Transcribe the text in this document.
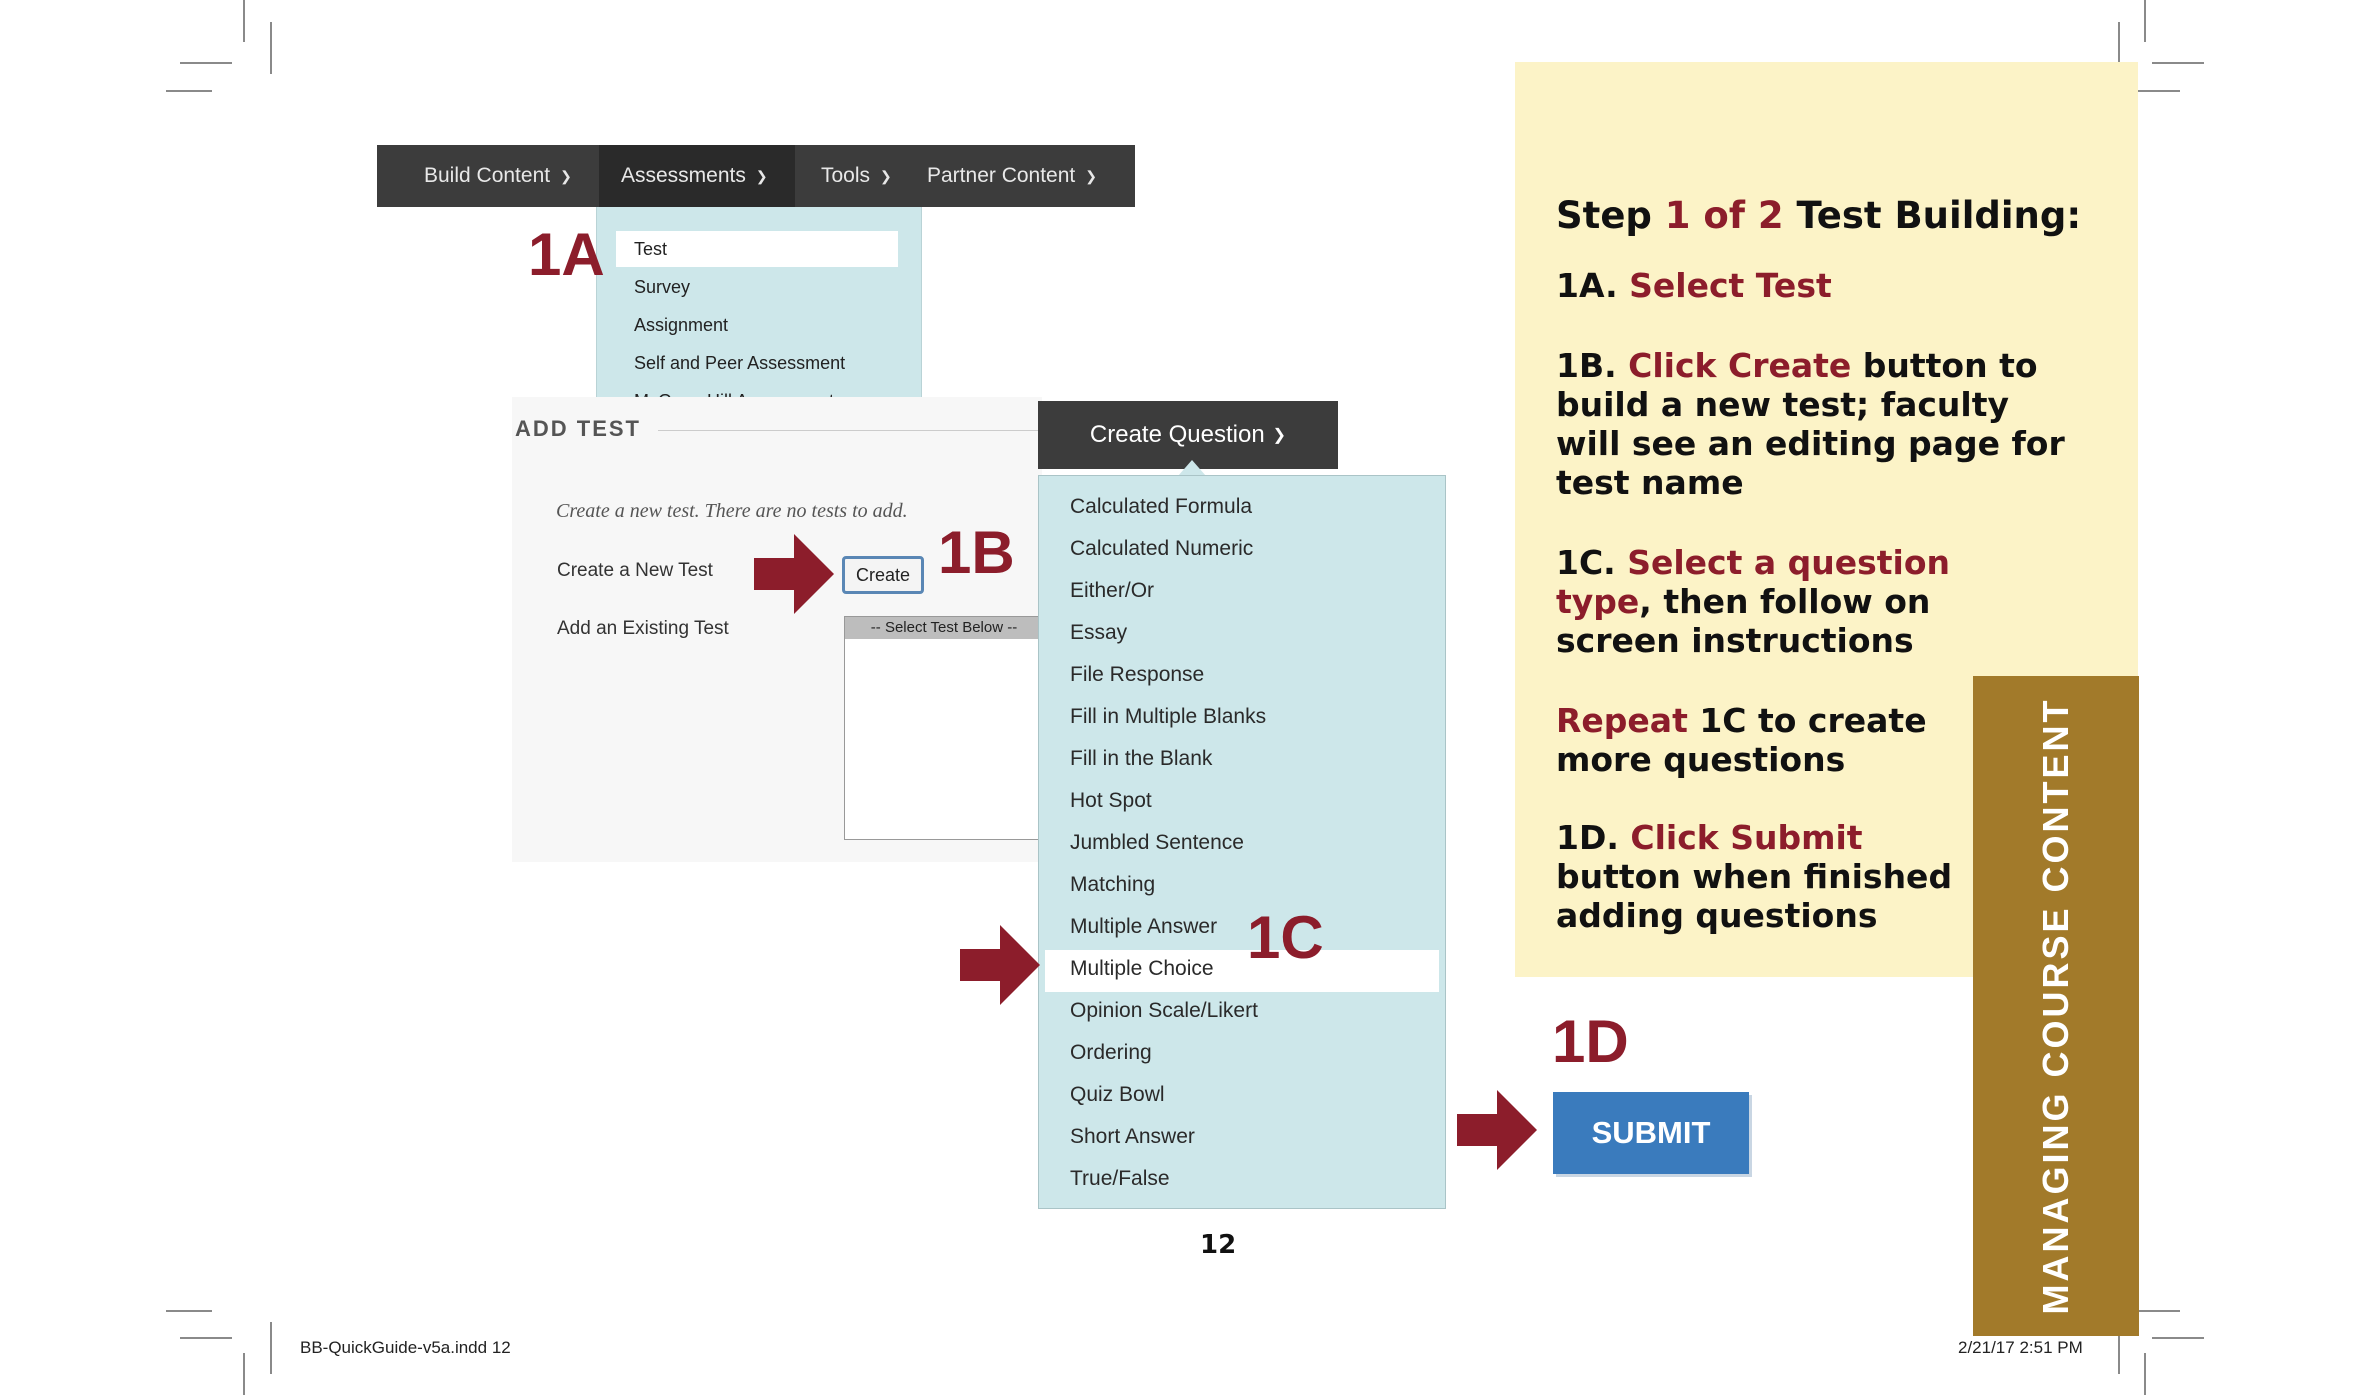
MANAGING COURSE CONTENT
Step 1 of 2 Test Building:
1A. Select Test
1B. Click Create button to build a new test; faculty will see an editing page for test name
1C. Select a question type, then follow on screen instructions
Repeat 1C to create more questions
1D. Click Submit button when finished adding questions
Build Content ❯	Assessments ❯	Tools ❯	Partner Content ❯
Test
Survey
Assignment
Self and Peer Assessment
ADD TEST
Create a new test. There are no tests to add.
Create a New Test	Create
Add an Existing Test	-- Select Test Below --
Create Question ❯
Calculated Formula
Calculated Numeric
Either/Or
Essay
File Response
Fill in Multiple Blanks
Fill in the Blank
Hot Spot
Jumbled Sentence
Matching
Multiple Answer
Multiple Choice
Opinion Scale/Likert
Ordering
Quiz Bowl
Short Answer
True/False
1A
1B
1C
1D
SUBMIT
12
BB-QuickGuide-v5a.indd 12	2/21/17 2:51 PM
